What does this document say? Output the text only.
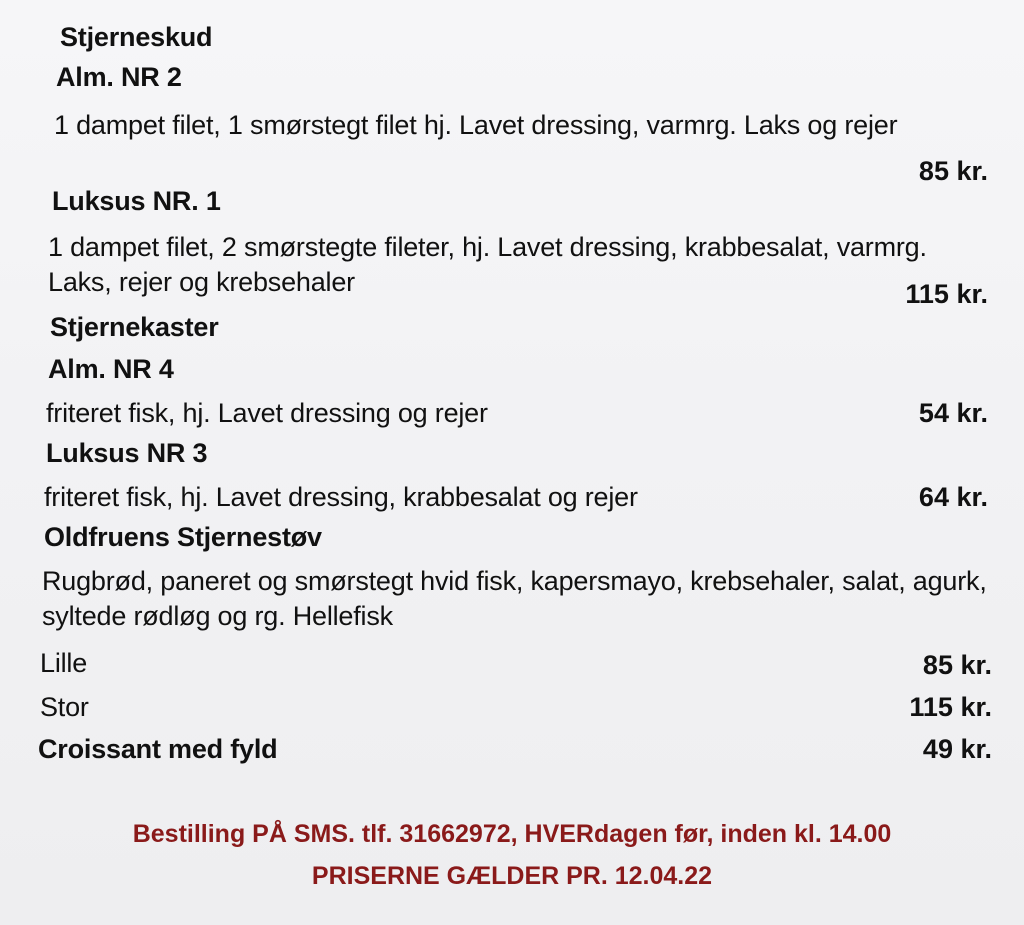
Stjerneskud
Alm. NR 2
1 dampet filet, 1 smørstegt filet hj. Lavet dressing, varmrg. Laks og rejer
85 kr.
Luksus NR. 1
1 dampet filet, 2 smørstegte fileter, hj. Lavet dressing, krabbesalat, varmrg. Laks, rejer og krebsehaler	115 kr.
Stjernekaster
Alm. NR 4
friteret fisk, hj. Lavet dressing og rejer	54 kr.
Luksus NR 3
friteret fisk, hj. Lavet dressing, krabbesalat og rejer	64 kr.
Oldfruens Stjernestøv
Rugbrød, paneret og smørstegt hvid fisk, kapersmayo, krebsehaler, salat, agurk, syltede rødløg og rg. Hellefisk
Lille	85 kr.
Stor	115 kr.
Croissant med fyld	49 kr.
Bestilling PÅ SMS. tlf. 31662972, HVERdagen før, inden kl. 14.00
PRISERNE GÆLDER PR. 12.04.22
